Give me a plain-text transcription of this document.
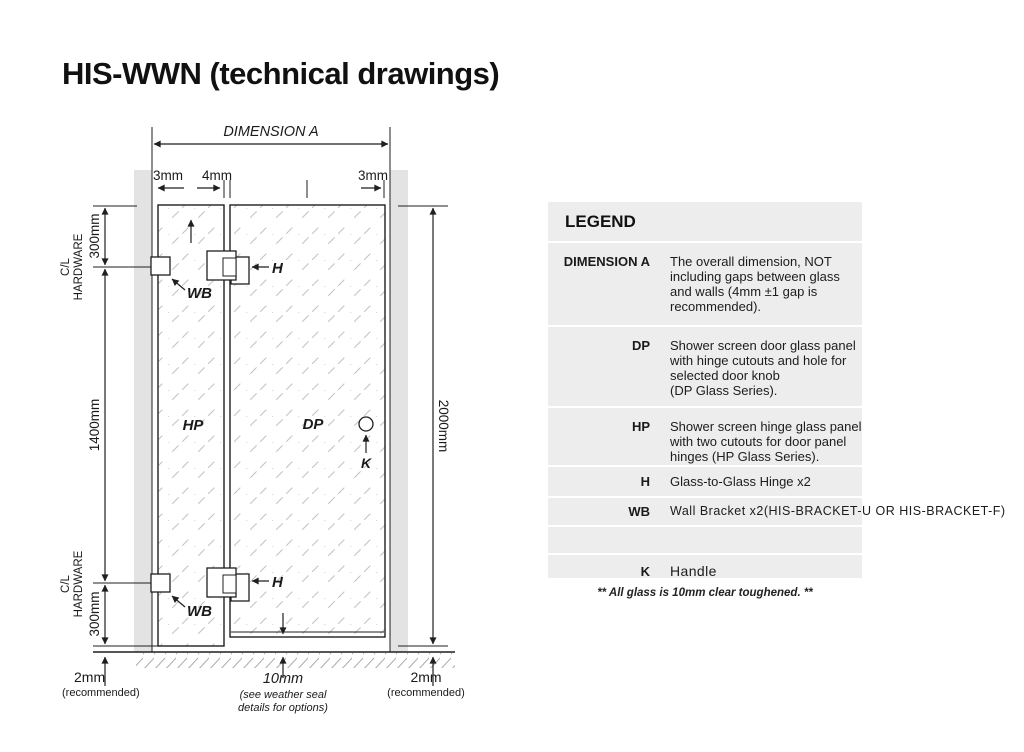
HIS-WWN (technical drawings)
DIMENSION A
3mm 4mm	3mm
300mm
C/LHARDWARE
1400mm
C/LHARDWARE 300mm
2000mm
H
H
WB
WB
HP	DP
K
2mm
(recommended)
10mm
(see weather seal
details for options)
2mm
(recommended)
LEGEND
DIMENSION A	The overall dimension, NOT
including gaps between glass
and walls (4mm ±1 gap is
recommended).
DP	Shower screen door glass panel
with hinge cutouts and hole for
selected door knob
(DP Glass Series).
HP	Shower screen hinge glass panel
with two cutouts for door panel
hinges (HP Glass Series).
H	Glass-to-Glass Hinge x2
WB	Wall Bracket x2(HIS-BRACKET-U OR HIS-BRACKET-F)
K	Handle
** All glass is 10mm clear toughened. **
